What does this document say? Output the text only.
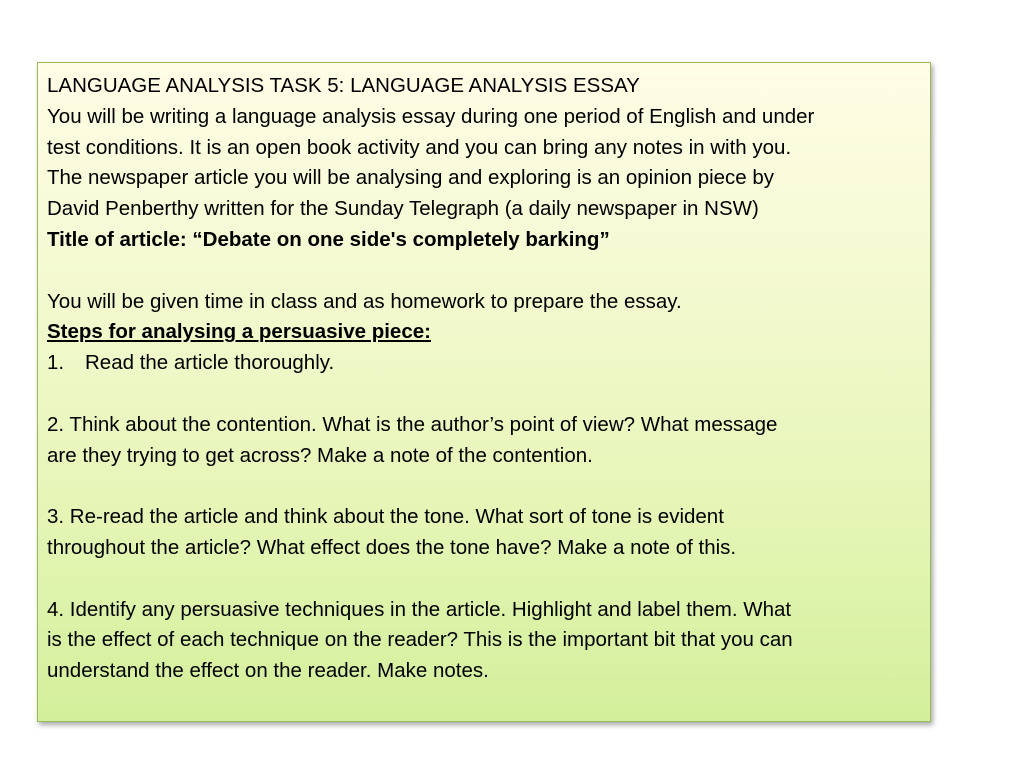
LANGUAGE ANALYSIS TASK 5: LANGUAGE ANALYSIS ESSAY
You will be writing a language analysis essay during one period of English and under
test conditions. It is an open book activity and you can bring any notes in with you.
The newspaper article you will be analysing and exploring is an opinion piece by
David Penberthy written for the Sunday Telegraph (a daily newspaper in NSW)
Title of article: “Debate on one side's completely barking”
You will be given time in class and as homework to prepare the essay.
Steps for analysing a persuasive piece:
1. Read the article thoroughly.
2. Think about the contention. What is the author’s point of view? What message
are they trying to get across? Make a note of the contention.
3. Re-read the article and think about the tone. What sort of tone is evident
throughout the article? What effect does the tone have? Make a note of this.
4. Identify any persuasive techniques in the article. Highlight and label them. What
is the effect of each technique on the reader? This is the important bit that you can
understand the effect on the reader. Make notes.
